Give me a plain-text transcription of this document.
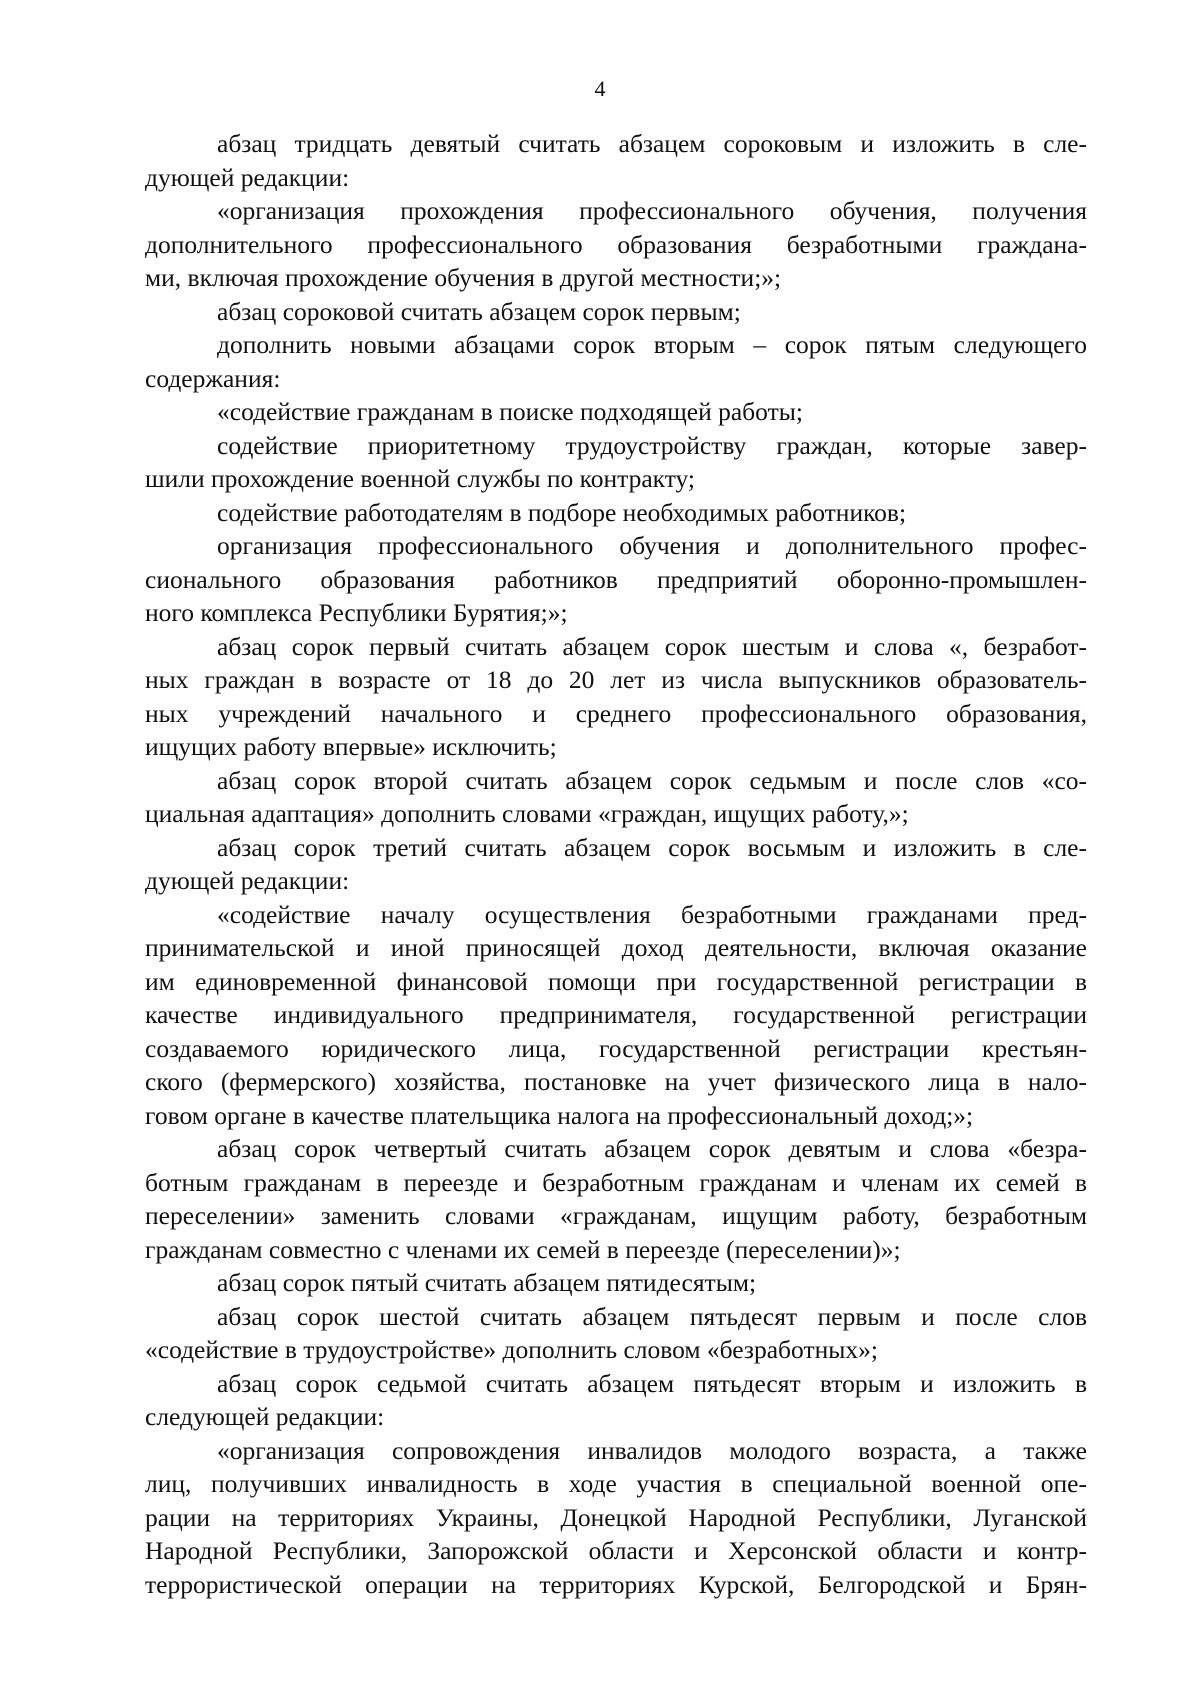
4
абзац тридцать девятый считать абзацем сороковым и изложить в сле-
дующей редакции:
«организация прохождения профессионального обучения, получения
дополнительного профессионального образования безработными граждана-
ми, включая прохождение обучения в другой местности;»;
абзац сороковой считать абзацем сорок первым;
дополнить новыми абзацами сорок вторым – сорок пятым следующего
содержания:
«содействие гражданам в поиске подходящей работы;
содействие приоритетному трудоустройству граждан, которые завер-
шили прохождение военной службы по контракту;
содействие работодателям в подборе необходимых работников;
организация профессионального обучения и дополнительного профес-
сионального образования работников предприятий оборонно-промышлен-
ного комплекса Республики Бурятия;»;
абзац сорок первый считать абзацем сорок шестым и слова «, безработ-
ных граждан в возрасте от 18 до 20 лет из числа выпускников образователь-
ных учреждений начального и среднего профессионального образования,
ищущих работу впервые» исключить;
абзац сорок второй считать абзацем сорок седьмым и после слов «со-
циальная адаптация» дополнить словами «граждан, ищущих работу,»;
абзац сорок третий считать абзацем сорок восьмым и изложить в сле-
дующей редакции:
«содействие началу осуществления безработными гражданами пред-
принимательской и иной приносящей доход деятельности, включая оказание
им единовременной финансовой помощи при государственной регистрации в
качестве индивидуального предпринимателя, государственной регистрации
создаваемого юридического лица, государственной регистрации крестьян-
ского (фермерского) хозяйства, постановке на учет физического лица в нало-
говом органе в качестве плательщика налога на профессиональный доход;»;
абзац сорок четвертый считать абзацем сорок девятым и слова «безра-
ботным гражданам в переезде и безработным гражданам и членам их семей в
переселении» заменить словами «гражданам, ищущим работу, безработным
гражданам совместно с членами их семей в переезде (переселении)»;
абзац сорок пятый считать абзацем пятидесятым;
абзац сорок шестой считать абзацем пятьдесят первым и после слов
«содействие в трудоустройстве» дополнить словом «безработных»;
абзац сорок седьмой считать абзацем пятьдесят вторым и изложить в
следующей редакции:
«организация сопровождения инвалидов молодого возраста, а также
лиц, получивших инвалидность в ходе участия в специальной военной опе-
рации на территориях Украины, Донецкой Народной Республики, Луганской
Народной Республики, Запорожской области и Херсонской области и контр-
террористической операции на территориях Курской, Белгородской и Брян-
